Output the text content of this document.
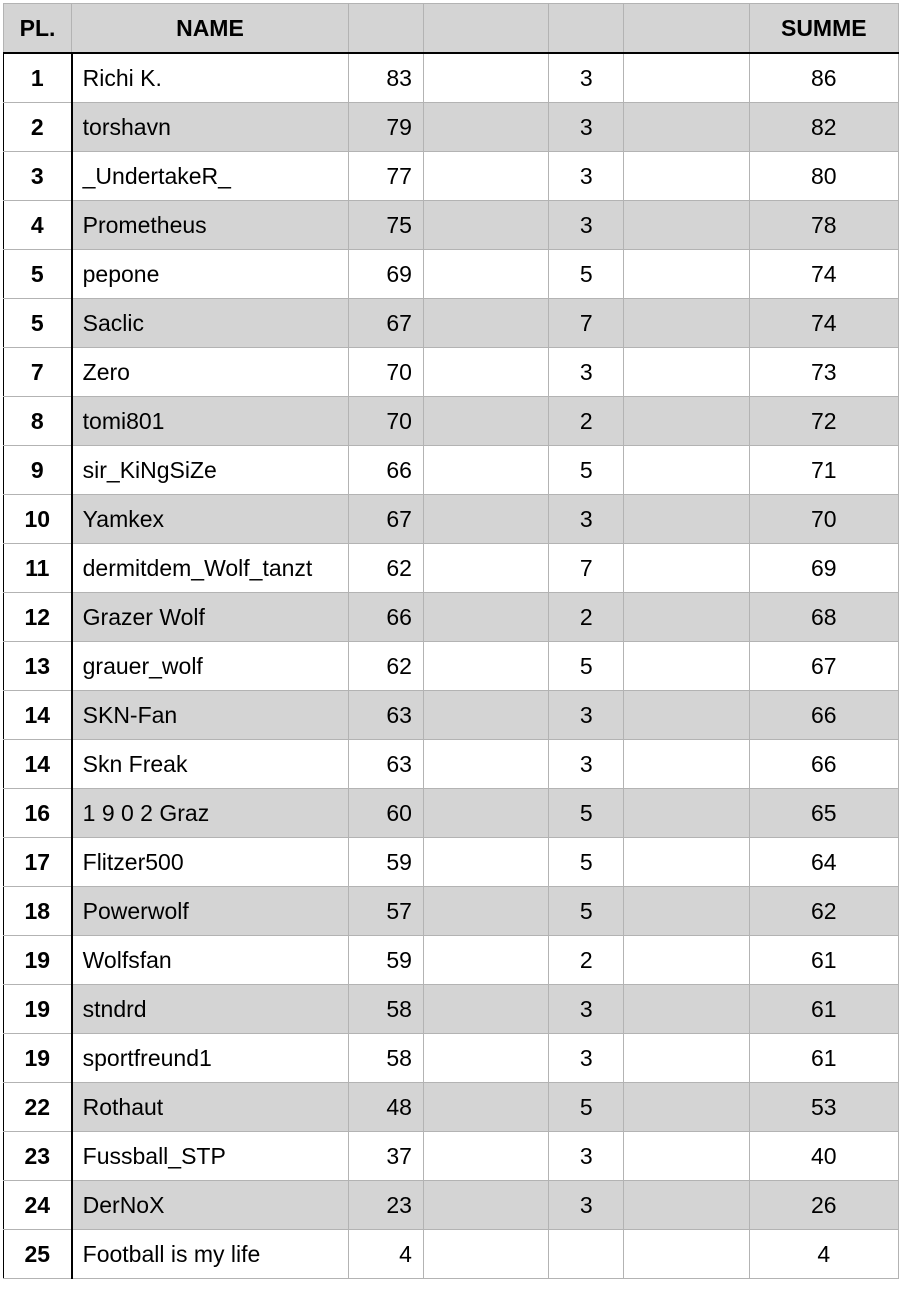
PL.	NAME					SUMME
1	Richi K.	83		3		86
2	torshavn	79		3		82
3	_UndertakeR_	77		3		80
4	Prometheus	75		3		78
5	pepone	69		5		74
5	Saclic	67		7		74
7	Zero	70		3		73
8	tomi801	70		2		72
9	sir_KiNgSiZe	66		5		71
10	Yamkex	67		3		70
11	dermitdem_Wolf_tanzt	62		7		69
12	Grazer Wolf	66		2		68
13	grauer_wolf	62		5		67
14	SKN-Fan	63		3		66
14	Skn Freak	63		3		66
16	1 9 0 2 Graz	60		5		65
17	Flitzer500	59		5		64
18	Powerwolf	57		5		62
19	Wolfsfan	59		2		61
19	stndrd	58		3		61
19	sportfreund1	58		3		61
22	Rothaut	48		5		53
23	Fussball_STP	37		3		40
24	DerNoX	23		3		26
25	Football is my life	4				4
